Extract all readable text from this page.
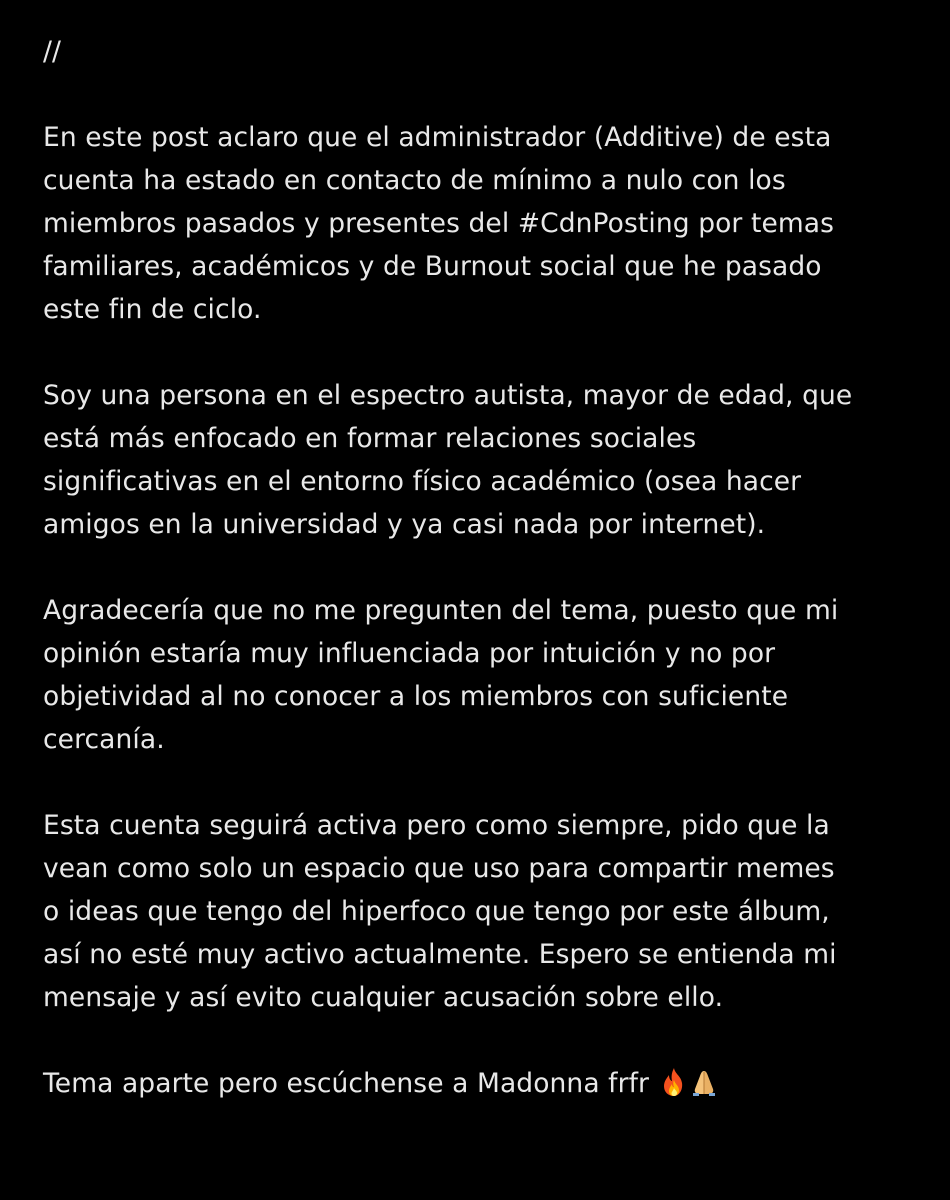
//

En este post aclaro que el administrador (Additive) de esta
cuenta ha estado en contacto de mínimo a nulo con los
miembros pasados y presentes del #CdnPosting por temas
familiares, académicos y de Burnout social que he pasado
este fin de ciclo.

Soy una persona en el espectro autista, mayor de edad, que
está más enfocado en formar relaciones sociales
significativas en el entorno físico académico (osea hacer
amigos en la universidad y ya casi nada por internet).

Agradecería que no me pregunten del tema, puesto que mi
opinión estaría muy influenciada por intuición y no por
objetividad al no conocer a los miembros con suficiente
cercanía.

Esta cuenta seguirá activa pero como siempre, pido que la
vean como solo un espacio que uso para compartir memes
o ideas que tengo del hiperfoco que tengo por este álbum,
así no esté muy activo actualmente. Espero se entienda mi
mensaje y así evito cualquier acusación sobre ello.

Tema aparte pero escúchense a Madonna frfr
